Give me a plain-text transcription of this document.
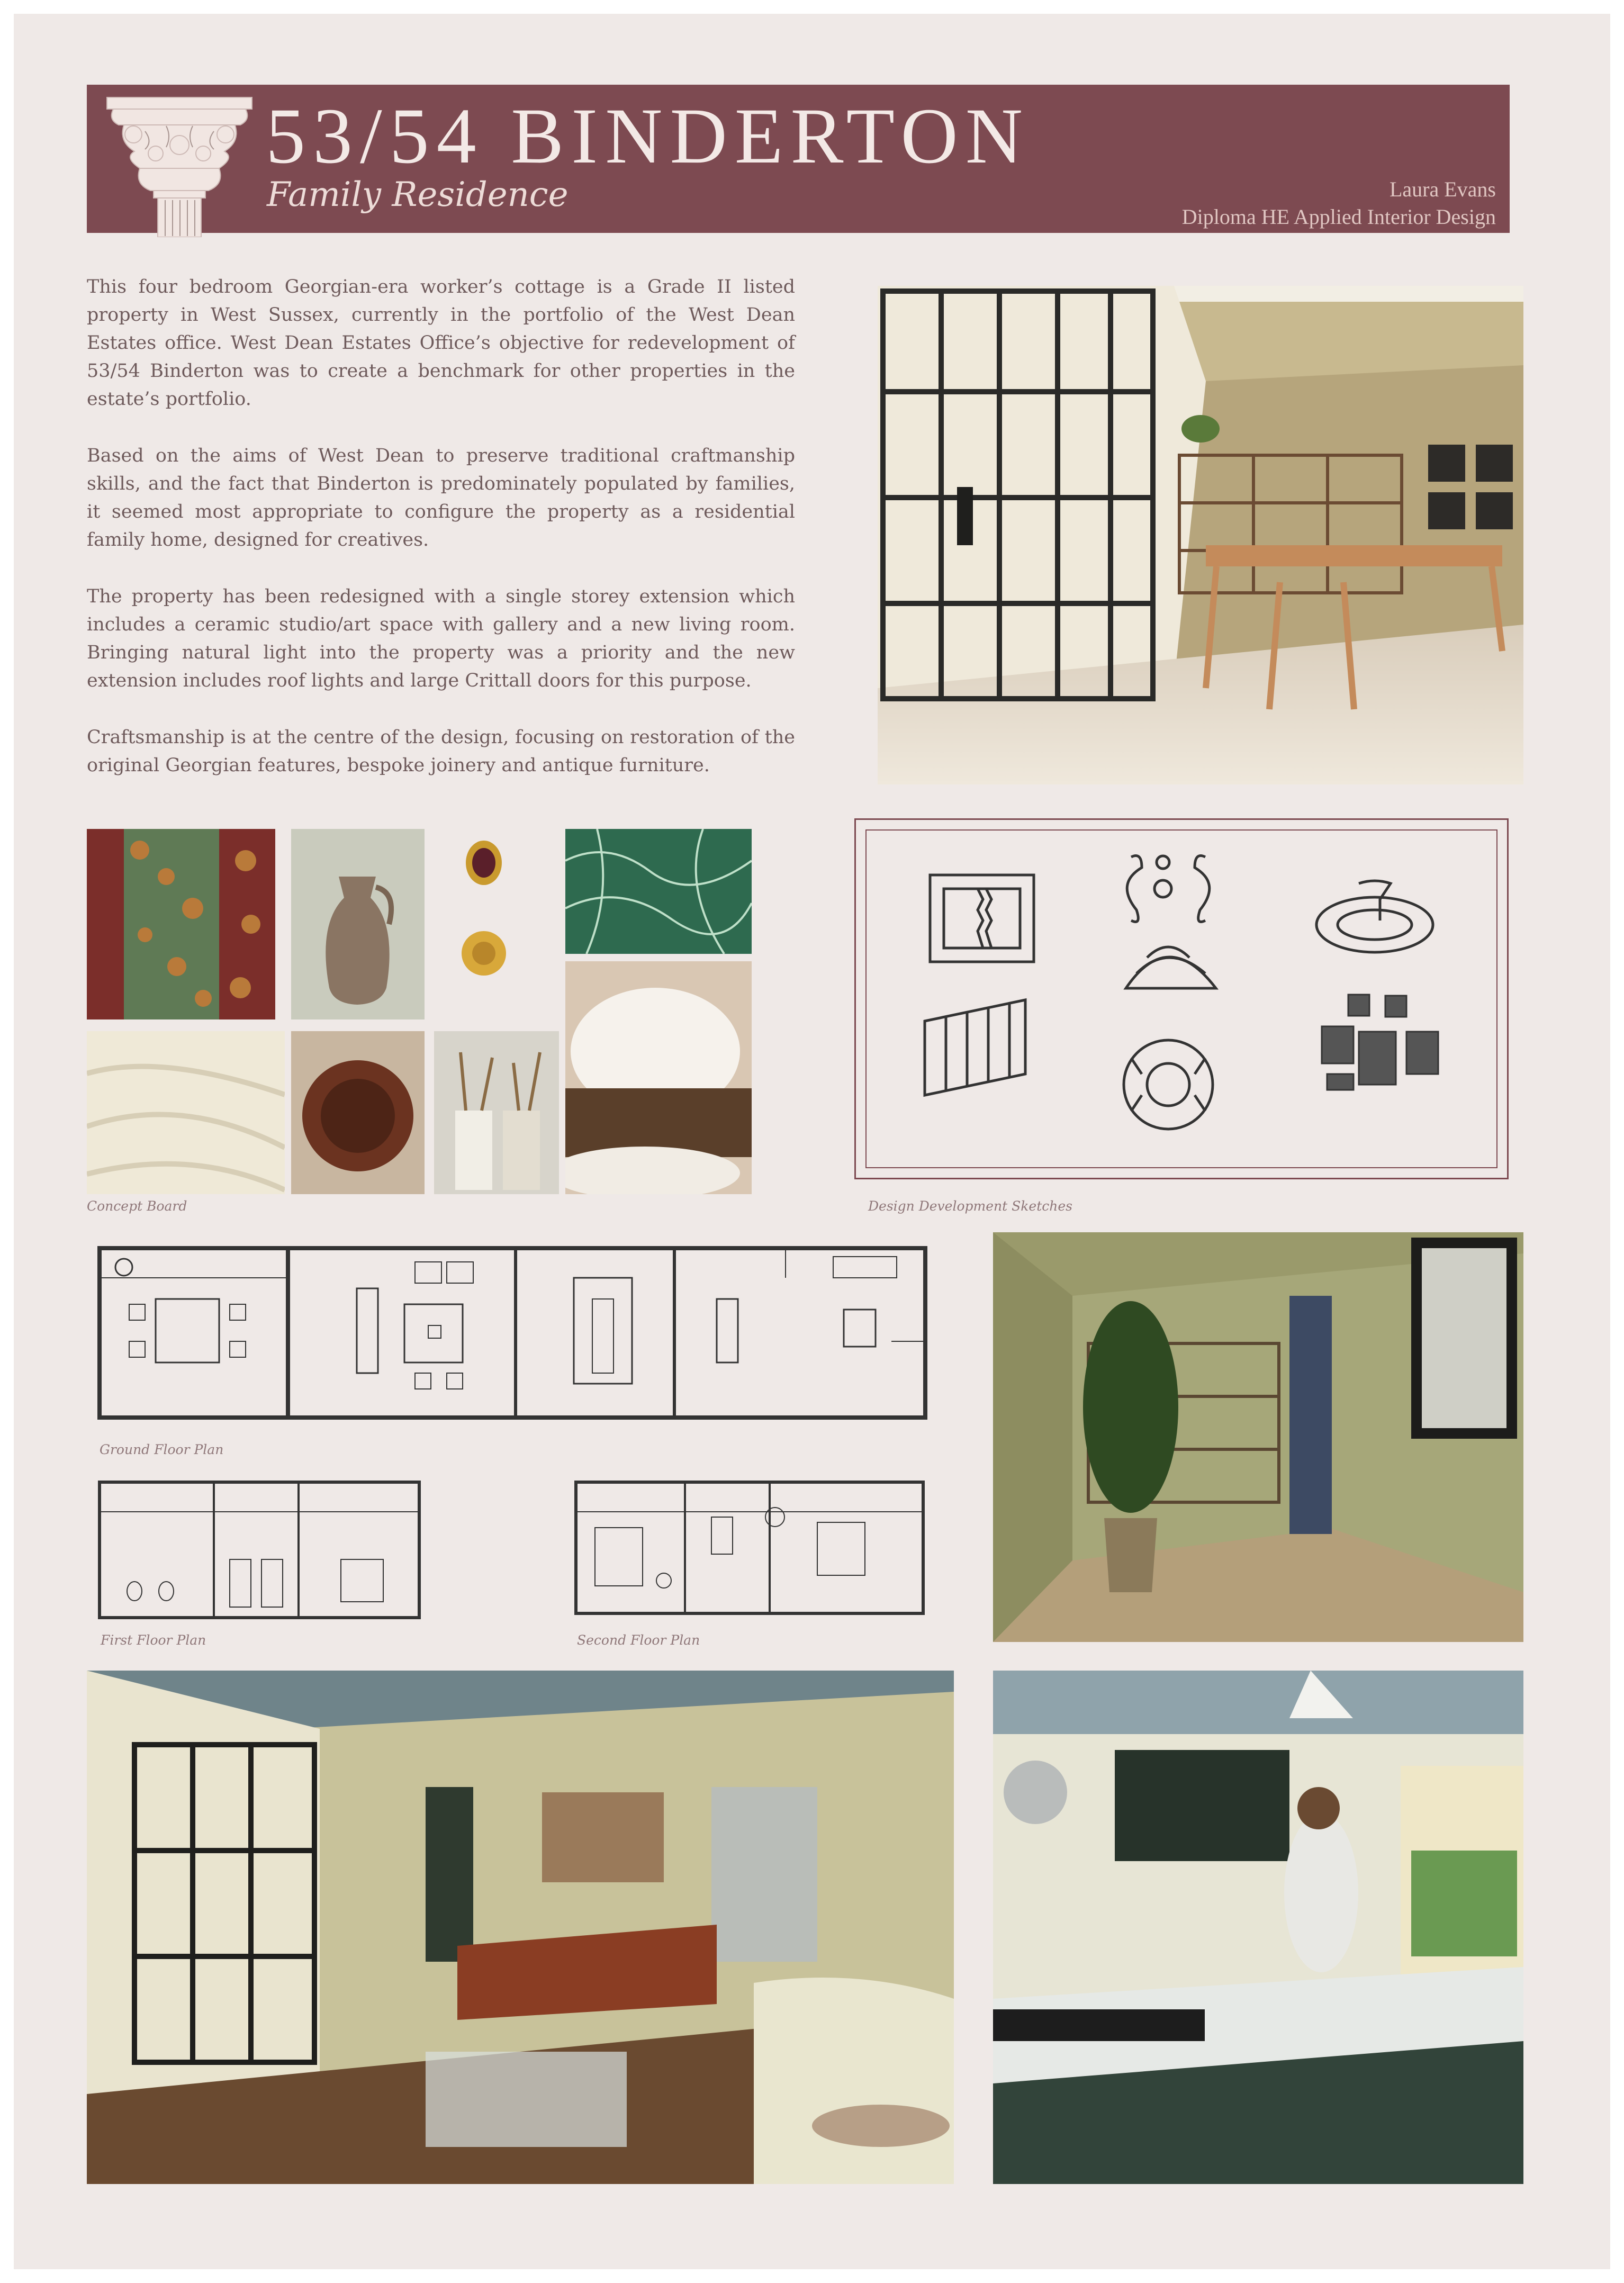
53/54 BINDERTON
Family Residence	Laura Evans
Diploma HE Applied Interior Design

This four bedroom Georgian-era worker’s cottage is a Grade II listed property in West Sussex, currently in the portfolio of the West Dean Estates office. West Dean Estates Office’s objective for redevelopment of 53/54 Binderton was to create a benchmark for other properties in the estate’s portfolio.

Based on the aims of West Dean to preserve traditional craftmanship skills, and the fact that Binderton is predominately populated by families, it seemed most appropriate to configure the property as a residential family home, designed for creatives.

The property has been redesigned with a single storey extension which includes a ceramic studio/art space with gallery and a new living room. Bringing natural light into the property was a priority and the new extension includes roof lights and large Crittall doors for this purpose.

Craftsmanship is at the centre of the design, focusing on restoration of the original Georgian features, bespoke joinery and antique furniture.

Concept Board	Design Development Sketches
Ground Floor Plan
First Floor Plan	Second Floor Plan
